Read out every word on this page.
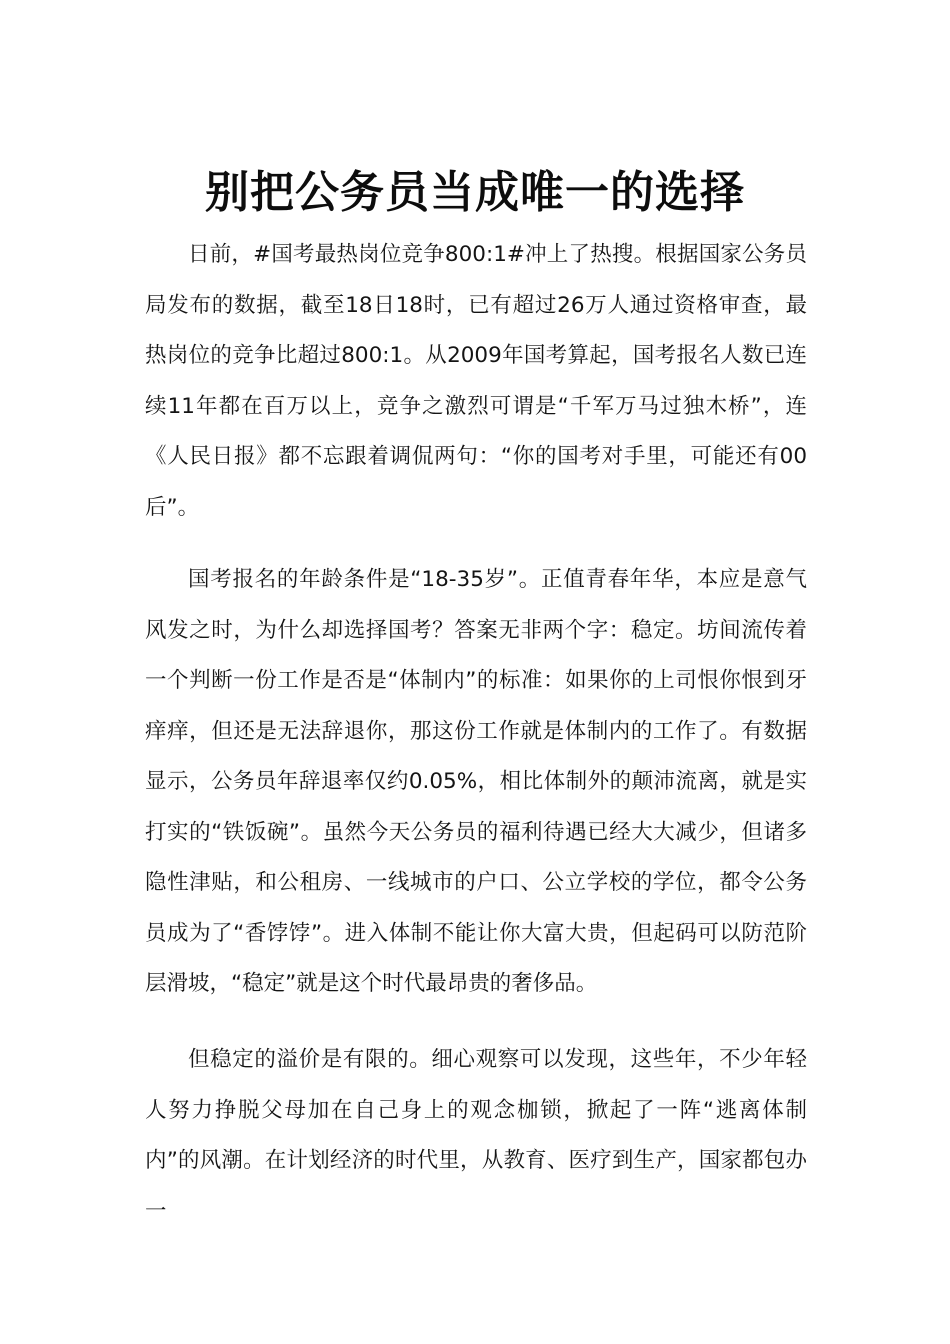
别把公务员当成唯一的选择

日前，#国考最热岗位竞争800:1#冲上了热搜。根据国家公务员局发布的数据，截至18日18时，已有超过26万人通过资格审查，最热岗位的竞争比超过800:1。从2009年国考算起，国考报名人数已连续11年都在百万以上，竞争之激烈可谓是“千军万马过独木桥”，连《人民日报》都不忘跟着调侃两句：“你的国考对手里，可能还有00后”。

国考报名的年龄条件是“18-35岁”。正值青春年华，本应是意气风发之时，为什么却选择国考？答案无非两个字：稳定。坊间流传着一个判断一份工作是否是“体制内”的标准：如果你的上司恨你恨到牙痒痒，但还是无法辞退你，那这份工作就是体制内的工作了。有数据显示，公务员年辞退率仅约0.05%，相比体制外的颠沛流离，就是实打实的“铁饭碗”。虽然今天公务员的福利待遇已经大大减少，但诸多隐性津贴，和公租房、一线城市的户口、公立学校的学位，都令公务员成为了“香饽饽”。进入体制不能让你大富大贵，但起码可以防范阶层滑坡，“稳定”就是这个时代最昂贵的奢侈品。

但稳定的溢价是有限的。细心观察可以发现，这些年，不少年轻人努力挣脱父母加在自己身上的观念枷锁，掀起了一阵“逃离体制内”的风潮。在计划经济的时代里，从教育、医疗到生产，国家都包办一
